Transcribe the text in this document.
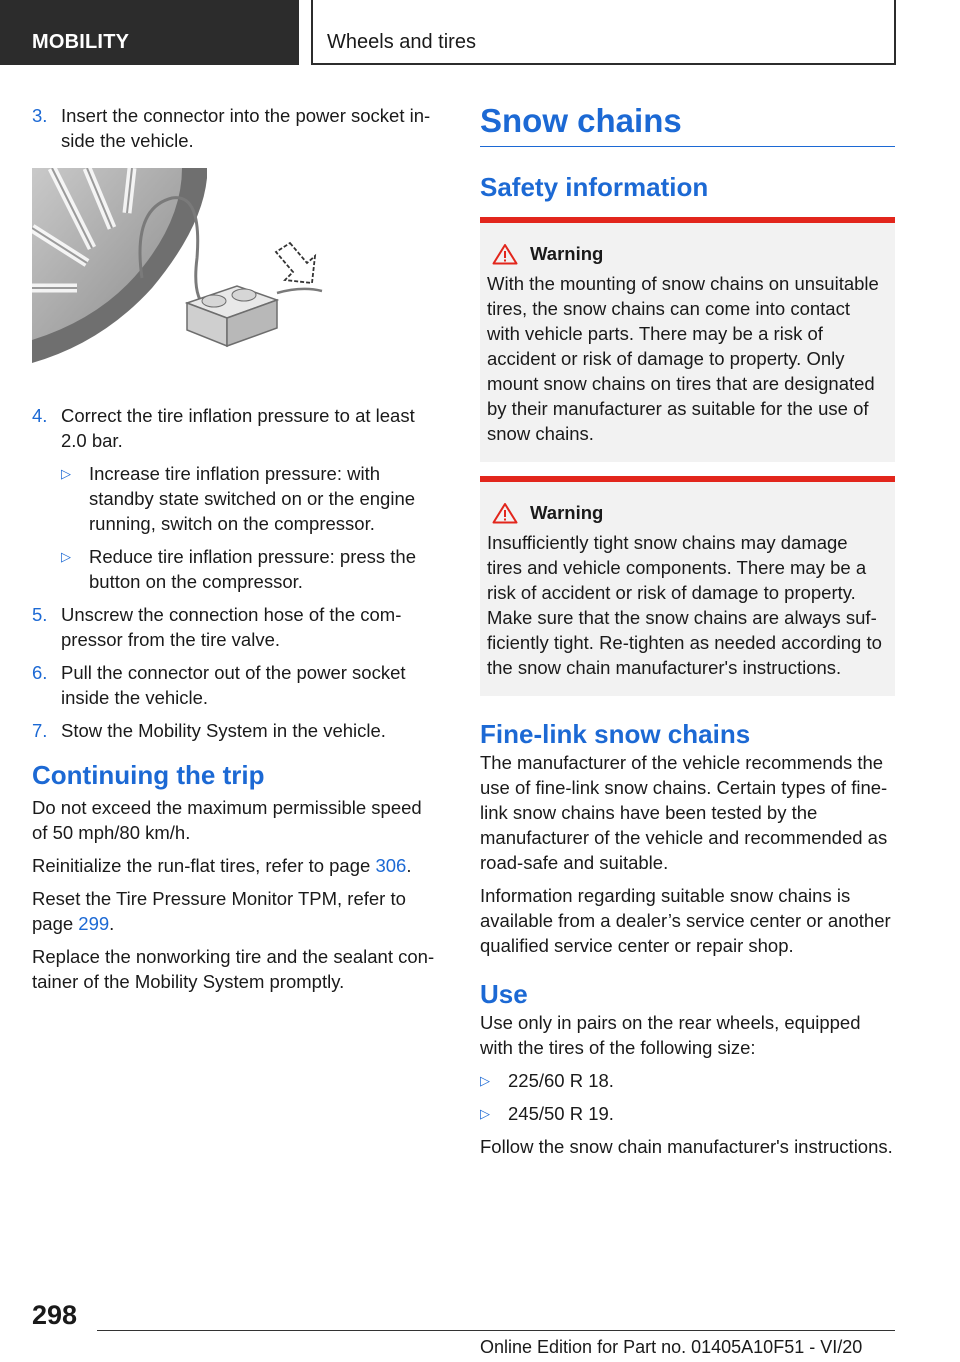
MOBILITY	Wheels and tires
3. Insert the connector into the power socket inside the vehicle.
4. Correct the tire inflation pressure to at least 2.0 bar.
▷ Increase tire inflation pressure: with standby state switched on or the engine running, switch on the compressor.
▷ Reduce tire inflation pressure: press the button on the compressor.
5. Unscrew the connection hose of the compressor from the tire valve.
6. Pull the connector out of the power socket inside the vehicle.
7. Stow the Mobility System in the vehicle.
Continuing the trip

Do not exceed the maximum permissible speed of 50 mph/80 km/h.

Reinitialize the run-flat tires, refer to page 306.

Reset the Tire Pressure Monitor TPM, refer to page 299.

Replace the nonworking tire and the sealant container of the Mobility System promptly.

Snow chains
Safety information
Warning
With the mounting of snow chains on unsuitable tires, the snow chains can come into contact with vehicle parts. There may be a risk of accident or risk of damage to property. Only mount snow chains on tires that are designated by their manufacturer as suitable for the use of snow chains.
Warning
Insufficiently tight snow chains may damage tires and vehicle components. There may be a risk of accident or risk of damage to property. Make sure that the snow chains are always sufficiently tight. Re-tighten as needed according to the snow chain manufacturer's instructions.
Fine-link snow chains

The manufacturer of the vehicle recommends the use of fine-link snow chains. Certain types of fine-link snow chains have been tested by the manufacturer of the vehicle and recommended as road-safe and suitable.

Information regarding suitable snow chains is available from a dealer’s service center or another qualified service center or repair shop.

Use

Use only in pairs on the rear wheels, equipped with the tires of the following size:

▷ 225/60 R 18.
▷ 245/50 R 19.

Follow the snow chain manufacturer's instructions.

298
Online Edition for Part no. 01405A10F51 - VI/20
